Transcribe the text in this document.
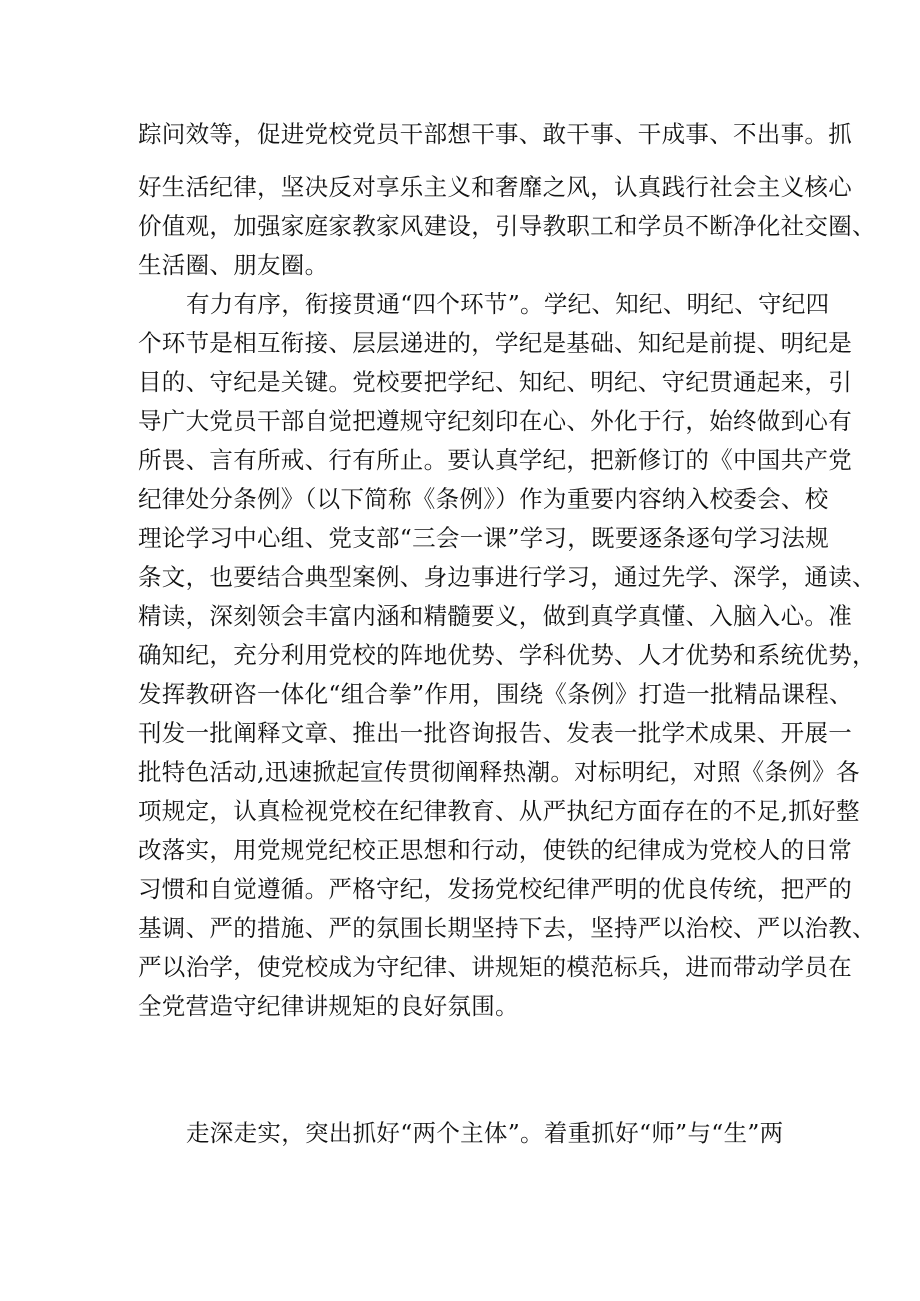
踪问效等，促进党校党员干部想干事、敢干事、干成事、不出事。抓
好生活纪律，坚决反对享乐主义和奢靡之风，认真践行社会主义核心
价值观，加强家庭家教家风建设，引导教职工和学员不断净化社交圈、
生活圈、朋友圈。
有力有序，衔接贯通“四个环节”。学纪、知纪、明纪、守纪四
个环节是相互衔接、层层递进的，学纪是基础、知纪是前提、明纪是
目的、守纪是关键。党校要把学纪、知纪、明纪、守纪贯通起来，引
导广大党员干部自觉把遵规守纪刻印在心、外化于行，始终做到心有
所畏、言有所戒、行有所止。要认真学纪，把新修订的《中国共产党
纪律处分条例》（以下简称《条例》）作为重要内容纳入校委会、校
理论学习中心组、党支部“三会一课”学习，既要逐条逐句学习法规
条文，也要结合典型案例、身边事进行学习，通过先学、深学，通读、
精读，深刻领会丰富内涵和精髓要义，做到真学真懂、入脑入心。准
确知纪，充分利用党校的阵地优势、学科优势、人才优势和系统优势，
发挥教研咨一体化“组合拳”作用，围绕《条例》打造一批精品课程、
刊发一批阐释文章、推出一批咨询报告、发表一批学术成果、开展一
批特色活动,迅速掀起宣传贯彻阐释热潮。对标明纪，对照《条例》各
项规定，认真检视党校在纪律教育、从严执纪方面存在的不足,抓好整
改落实，用党规党纪校正思想和行动，使铁的纪律成为党校人的日常
习惯和自觉遵循。严格守纪，发扬党校纪律严明的优良传统，把严的
基调、严的措施、严的氛围长期坚持下去，坚持严以治校、严以治教、
严以治学，使党校成为守纪律、讲规矩的模范标兵，进而带动学员在
全党营造守纪律讲规矩的良好氛围。
走深走实，突出抓好“两个主体”。着重抓好“师”与“生”两
